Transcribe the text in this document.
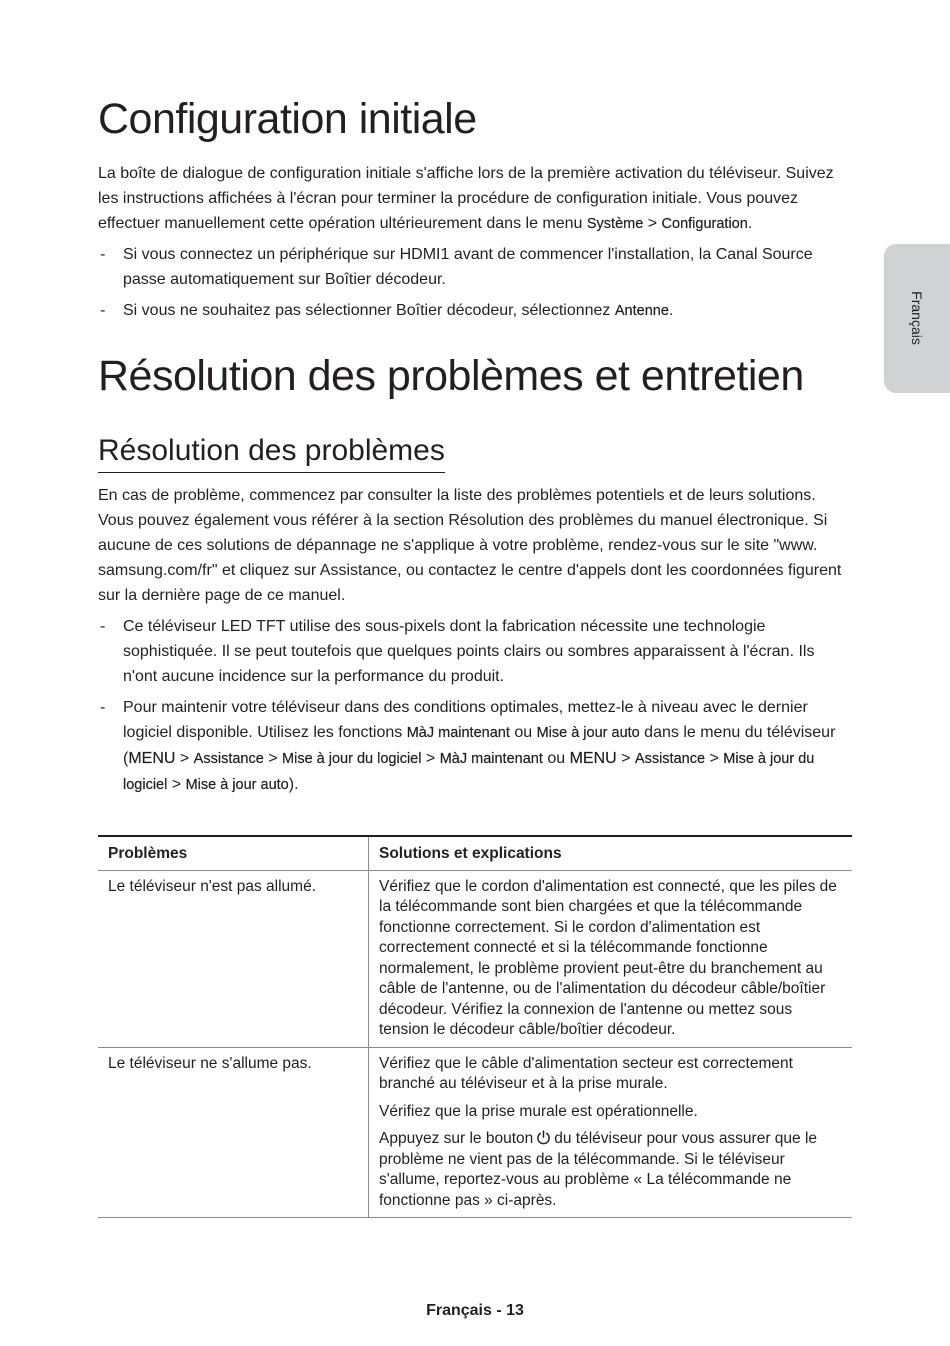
Français
Configuration initiale

La boîte de dialogue de configuration initiale s'affiche lors de la première activation du téléviseur. Suivez les instructions affichées à l'écran pour terminer la procédure de configuration initiale. Vous pouvez effectuer manuellement cette opération ultérieurement dans le menu Système > Configuration.

- Si vous connectez un périphérique sur HDMI1 avant de commencer l'installation, la Canal Source passe automatiquement sur Boîtier décodeur.
- Si vous ne souhaitez pas sélectionner Boîtier décodeur, sélectionnez Antenne.
Résolution des problèmes et entretien
Résolution des problèmes

En cas de problème, commencez par consulter la liste des problèmes potentiels et de leurs solutions. Vous pouvez également vous référer à la section Résolution des problèmes du manuel électronique. Si aucune de ces solutions de dépannage ne s'applique à votre problème, rendez-vous sur le site "www. samsung.com/fr" et cliquez sur Assistance, ou contactez le centre d'appels dont les coordonnées figurent sur la dernière page de ce manuel.

- Ce téléviseur LED TFT utilise des sous-pixels dont la fabrication nécessite une technologie sophistiquée. Il se peut toutefois que quelques points clairs ou sombres apparaissent à l'écran. Ils n'ont aucune incidence sur la performance du produit.
- Pour maintenir votre téléviseur dans des conditions optimales, mettez-le à niveau avec le dernier logiciel disponible. Utilisez les fonctions MàJ maintenant ou Mise à jour auto dans le menu du téléviseur (MENU > Assistance > Mise à jour du logiciel > MàJ maintenant ou MENU > Assistance > Mise à jour du logiciel > Mise à jour auto).
Problèmes	Solutions et explications
Le téléviseur n'est pas allumé.	Vérifiez que le cordon d'alimentation est connecté, que les piles de la télécommande sont bien chargées et que la télécommande fonctionne correctement. Si le cordon d'alimentation est correctement connecté et si la télécommande fonctionne normalement, le problème provient peut-être du branchement au câble de l'antenne, ou de l'alimentation du décodeur câble/boîtier décodeur. Vérifiez la connexion de l'antenne ou mettez sous tension le décodeur câble/boîtier décodeur.

Le téléviseur ne s'allume pas.	Vérifiez que le câble d'alimentation secteur est correctement branché au téléviseur et à la prise murale.

Vérifiez que la prise murale est opérationnelle.

Appuyez sur le bouton du téléviseur pour vous assurer que le problème ne vient pas de la télécommande. Si le téléviseur s'allume, reportez-vous au problème « La télécommande ne fonctionne pas » ci-après.

Français - 13
